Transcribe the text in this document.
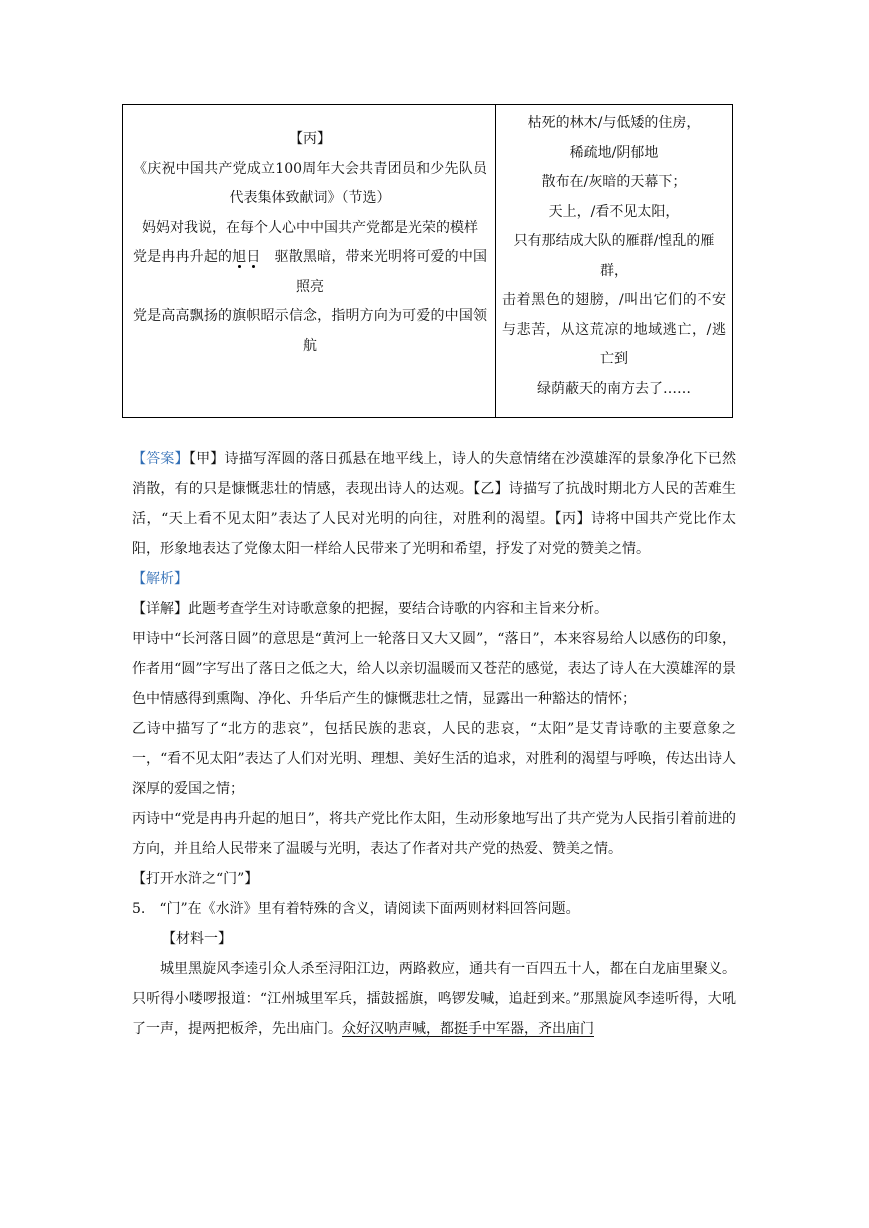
【丙】
《庆祝中国共产党成立100周年大会共青团员和少先队员代表集体致献词》（节选）
妈妈对我说，在每个人心中中国共产党都是光荣的模样
党是冉冉升起的旭日　驱散黑暗，带来光明将可爱的中国照亮
党是高高飘扬的旗帜昭示信念，指明方向为可爱的中国领航

枯死的林木/与低矮的住房，
稀疏地/阴郁地
散布在/灰暗的天幕下；
天上，/看不见太阳，
只有那结成大队的雁群/惶乱的雁群，
击着黑色的翅膀，/叫出它们的不安与悲苦，从这荒凉的地域逃亡，/逃亡到
绿荫蔽天的南方去了……

【答案】【甲】诗描写浑圆的落日孤悬在地平线上，诗人的失意情绪在沙漠雄浑的景象净化下已然消散，有的只是慷慨悲壮的情感，表现出诗人的达观。【乙】诗描写了抗战时期北方人民的苦难生活，“天上看不见太阳”表达了人民对光明的向往，对胜利的渴望。【丙】诗将中国共产党比作太阳，形象地表达了党像太阳一样给人民带来了光明和希望，抒发了对党的赞美之情。

【解析】

【详解】此题考查学生对诗歌意象的把握，要结合诗歌的内容和主旨来分析。

甲诗中“长河落日圆”的意思是“黄河上一轮落日又大又圆”，“落日”，本来容易给人以感伤的印象，作者用“圆”字写出了落日之低之大，给人以亲切温暖而又苍茫的感觉，表达了诗人在大漠雄浑的景色中情感得到熏陶、净化、升华后产生的慷慨悲壮之情，显露出一种豁达的情怀；

乙诗中描写了“北方的悲哀”，包括民族的悲哀，人民的悲哀，“太阳”是艾青诗歌的主要意象之一，“看不见太阳”表达了人们对光明、理想、美好生活的追求，对胜利的渴望与呼唤，传达出诗人深厚的爱国之情；

丙诗中“党是冉冉升起的旭日”，将共产党比作太阳，生动形象地写出了共产党为人民指引着前进的方向，并且给人民带来了温暖与光明，表达了作者对共产党的热爱、赞美之情。

【打开水浒之“门”】

5.　“门”在《水浒》里有着特殊的含义，请阅读下面两则材料回答问题。

【材料一】

城里黑旋风李逵引众人杀至浔阳江边，两路救应，通共有一百四五十人，都在白龙庙里聚义。只听得小喽啰报道：“江州城里军兵，擂鼓摇旗，鸣锣发喊，追赶到来。”那黑旋风李逵听得，大吼了一声，提两把板斧，先出庙门。众好汉呐声喊，都挺手中军器，齐出庙门
